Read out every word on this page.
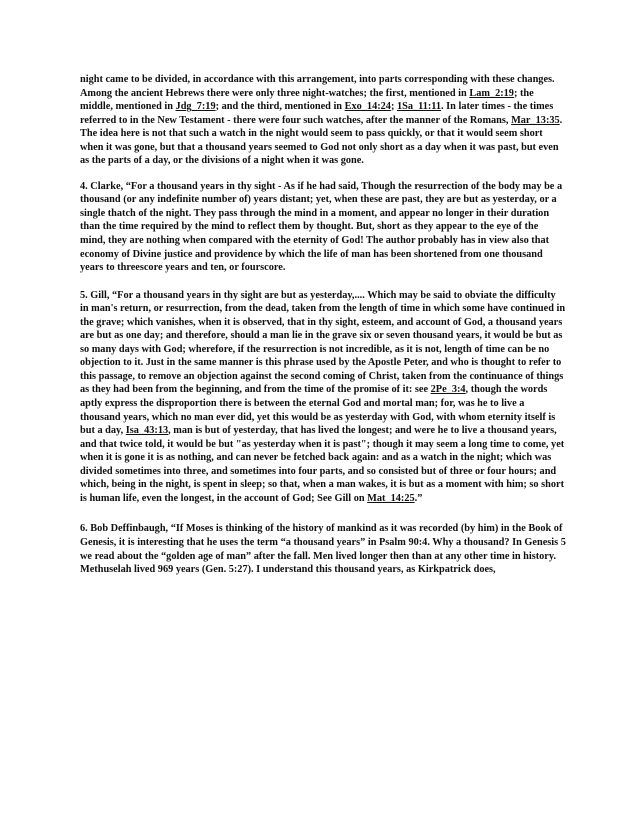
night came to be divided, in accordance with this arrangement, into parts corresponding with these changes. Among the ancient Hebrews there were only three night-watches; the first, mentioned in Lam_2:19; the middle, mentioned in Jdg_7:19; and the third, mentioned in Exo_14:24; 1Sa_11:11. In later times - the times referred to in the New Testament - there were four such watches, after the manner of the Romans, Mar_13:35. The idea here is not that such a watch in the night would seem to pass quickly, or that it would seem short when it was gone, but that a thousand years seemed to God not only short as a day when it was past, but even as the parts of a day, or the divisions of a night when it was gone.

4. Clarke, “For a thousand years in thy sight - As if he had said, Though the resurrection of the body may be a thousand (or any indefinite number of) years distant; yet, when these are past, they are but as yesterday, or a single thatch of the night. They pass through the mind in a moment, and appear no longer in their duration than the time required by the mind to reflect them by thought. But, short as they appear to the eye of the mind, they are nothing when compared with the eternity of God! The author probably has in view also that economy of Divine justice and providence by which the life of man has been shortened from one thousand years to threescore years and ten, or fourscore.

5. Gill, “For a thousand years in thy sight are but as yesterday,.... Which may be said to obviate the difficulty in man's return, or resurrection, from the dead, taken from the length of time in which some have continued in the grave; which vanishes, when it is observed, that in thy sight, esteem, and account of God, a thousand years are but as one day; and therefore, should a man lie in the grave six or seven thousand years, it would be but as so many days with God; wherefore, if the resurrection is not incredible, as it is not, length of time can be no objection to it. Just in the same manner is this phrase used by the Apostle Peter, and who is thought to refer to this passage, to remove an objection against the second coming of Christ, taken from the continuance of things as they had been from the beginning, and from the time of the promise of it: see 2Pe_3:4, though the words aptly express the disproportion there is between the eternal God and mortal man; for, was he to live a thousand years, which no man ever did, yet this would be as yesterday with God, with whom eternity itself is but a day, Isa_43:13, man is but of yesterday, that has lived the longest; and were he to live a thousand years, and that twice told, it would be but "as yesterday when it is past"; though it may seem a long time to come, yet when it is gone it is as nothing, and can never be fetched back again: and as a watch in the night; which was divided sometimes into three, and sometimes into four parts, and so consisted but of three or four hours; and which, being in the night, is spent in sleep; so that, when a man wakes, it is but as a moment with him; so short is human life, even the longest, in the account of God; See Gill on Mat_14:25.”

6. Bob Deffinbaugh, “If Moses is thinking of the history of mankind as it was recorded (by him) in the Book of Genesis, it is interesting that he uses the term “a thousand years” in Psalm 90:4. Why a thousand? In Genesis 5 we read about the “golden age of man” after the fall. Men lived longer then than at any other time in history. Methuselah lived 969 years (Gen. 5:27). I understand this thousand years, as Kirkpatrick does,
